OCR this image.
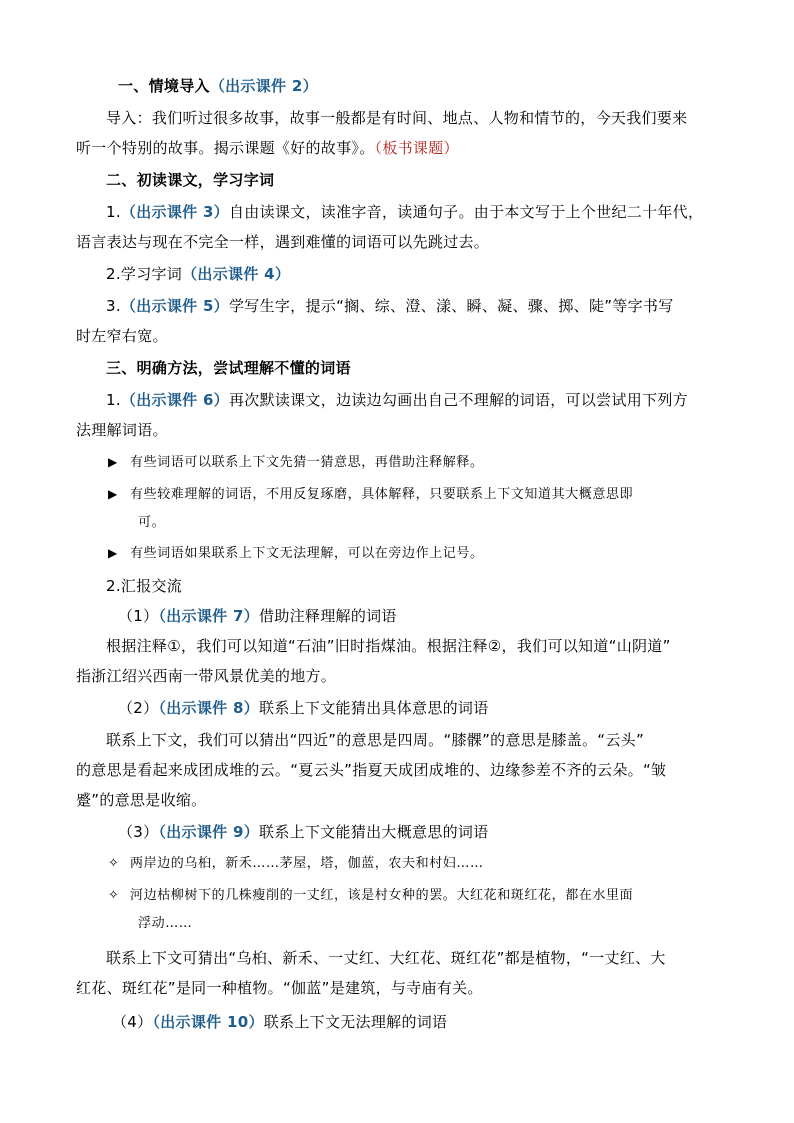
一、情境导入（出示课件 2）
导入：我们听过很多故事，故事一般都是有时间、地点、人物和情节的，今天我们要来
听一个特别的故事。揭示课题《好的故事》。（板书课题）
二、初读课文，学习字词
1.（出示课件 3）自由读课文，读准字音，读通句子。由于本文写于上个世纪二十年代，
语言表达与现在不完全一样，遇到难懂的词语可以先跳过去。
2.学习字词（出示课件 4）
3.（出示课件 5）学写生字，提示“搁、综、澄、漾、瞬、凝、骤、掷、陡”等字书写
时左窄右宽。
三、明确方法，尝试理解不懂的词语
1.（出示课件 6）再次默读课文，边读边勾画出自己不理解的词语，可以尝试用下列方
法理解词语。
▶ 有些词语可以联系上下文先猜一猜意思，再借助注释解释。
▶ 有些较难理解的词语，不用反复琢磨，具体解释，只要联系上下文知道其大概意思即
可。
▶ 有些词语如果联系上下文无法理解，可以在旁边作上记号。
2.汇报交流
（1）（出示课件 7）借助注释理解的词语
根据注释①，我们可以知道“石油”旧时指煤油。根据注释②，我们可以知道“山阴道”
指浙江绍兴西南一带风景优美的地方。
（2）（出示课件 8）联系上下文能猜出具体意思的词语
联系上下文，我们可以猜出“四近”的意思是四周。“膝髁”的意思是膝盖。“云头”
的意思是看起来成团成堆的云。“夏云头”指夏天成团成堆的、边缘参差不齐的云朵。“皱
蹙”的意思是收缩。
（3）（出示课件 9）联系上下文能猜出大概意思的词语
✧ 两岸边的乌桕，新禾……茅屋，塔，伽蓝，农夫和村妇……
✧ 河边枯柳树下的几株瘦削的一丈红，该是村女种的罢。大红花和斑红花，都在水里面
浮动……
联系上下文可猜出“乌桕、新禾、一丈红、大红花、斑红花”都是植物，“一丈红、大
红花、斑红花”是同一种植物。“伽蓝”是建筑，与寺庙有关。
（4）（出示课件 10）联系上下文无法理解的词语
